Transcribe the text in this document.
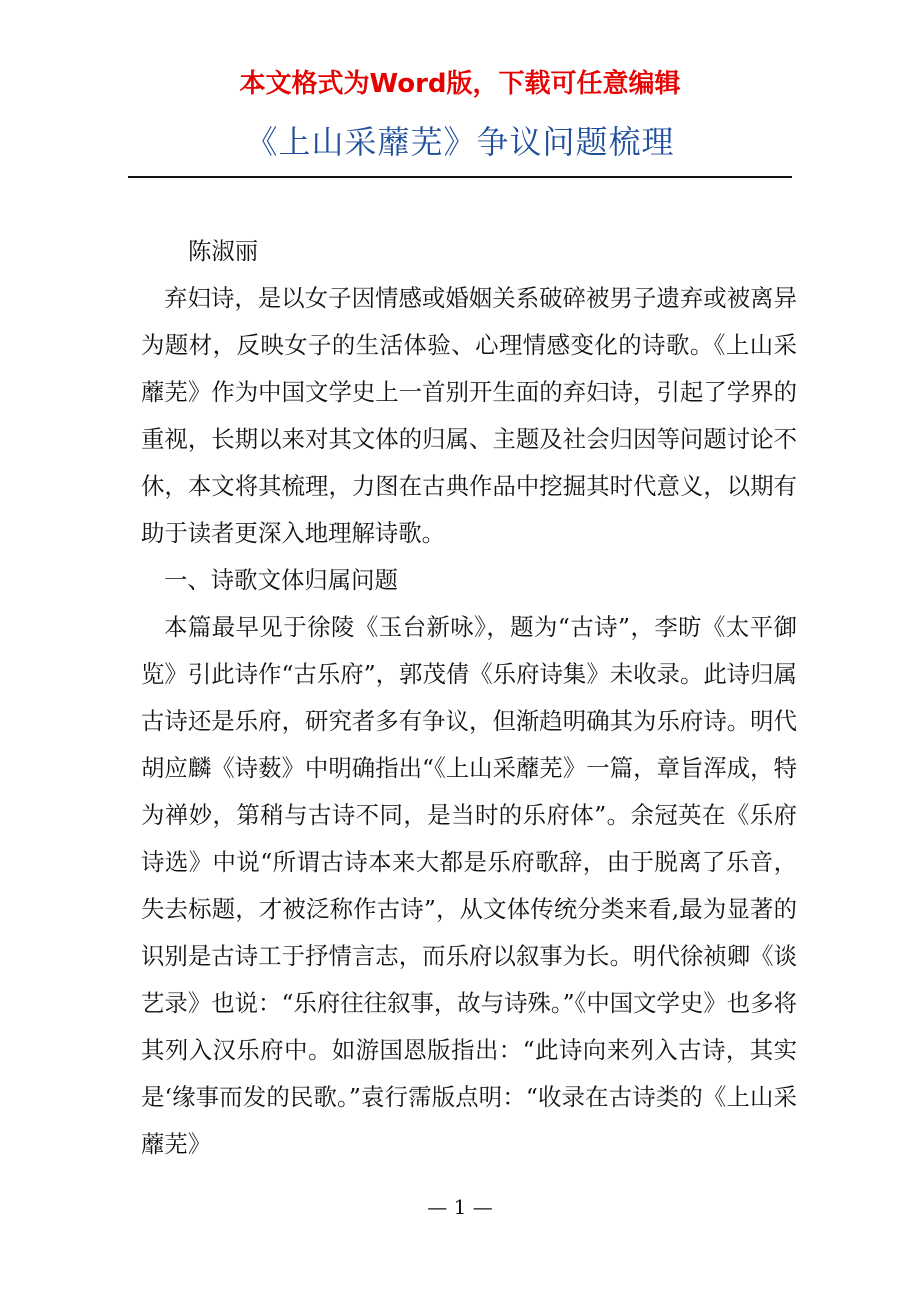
本文格式为Word版，下载可任意编辑
《上山采蘼芜》争议问题梳理

陈淑丽

弃妇诗，是以女子因情感或婚姻关系破碎被男子遗弃或被离异为题材，反映女子的生活体验、心理情感变化的诗歌。《上山采蘼芜》作为中国文学史上一首别开生面的弃妇诗，引起了学界的重视，长期以来对其文体的归属、主题及社会归因等问题讨论不休，本文将其梳理，力图在古典作品中挖掘其时代意义，以期有助于读者更深入地理解诗歌。

一、诗歌文体归属问题

本篇最早见于徐陵《玉台新咏》，题为“古诗”，李昉《太平御览》引此诗作“古乐府”，郭茂倩《乐府诗集》未收录。此诗归属古诗还是乐府，研究者多有争议，但渐趋明确其为乐府诗。明代胡应麟《诗薮》中明确指出“《上山采蘼芜》一篇，章旨浑成，特为禅妙，第稍与古诗不同，是当时的乐府体”。余冠英在《乐府诗选》中说“所谓古诗本来大都是乐府歌辞，由于脱离了乐音，失去标题，才被泛称作古诗”，从文体传统分类来看,最为显著的识别是古诗工于抒情言志，而乐府以叙事为长。明代徐祯卿《谈艺录》也说：“乐府往往叙事，故与诗殊。”《中国文学史》也多将其列入汉乐府中。如游国恩版指出：“此诗向来列入古诗，其实是‘缘事而发的民歌。”袁行霈版点明：“收录在古诗类的《上山采蘼芜》

— 1 —
